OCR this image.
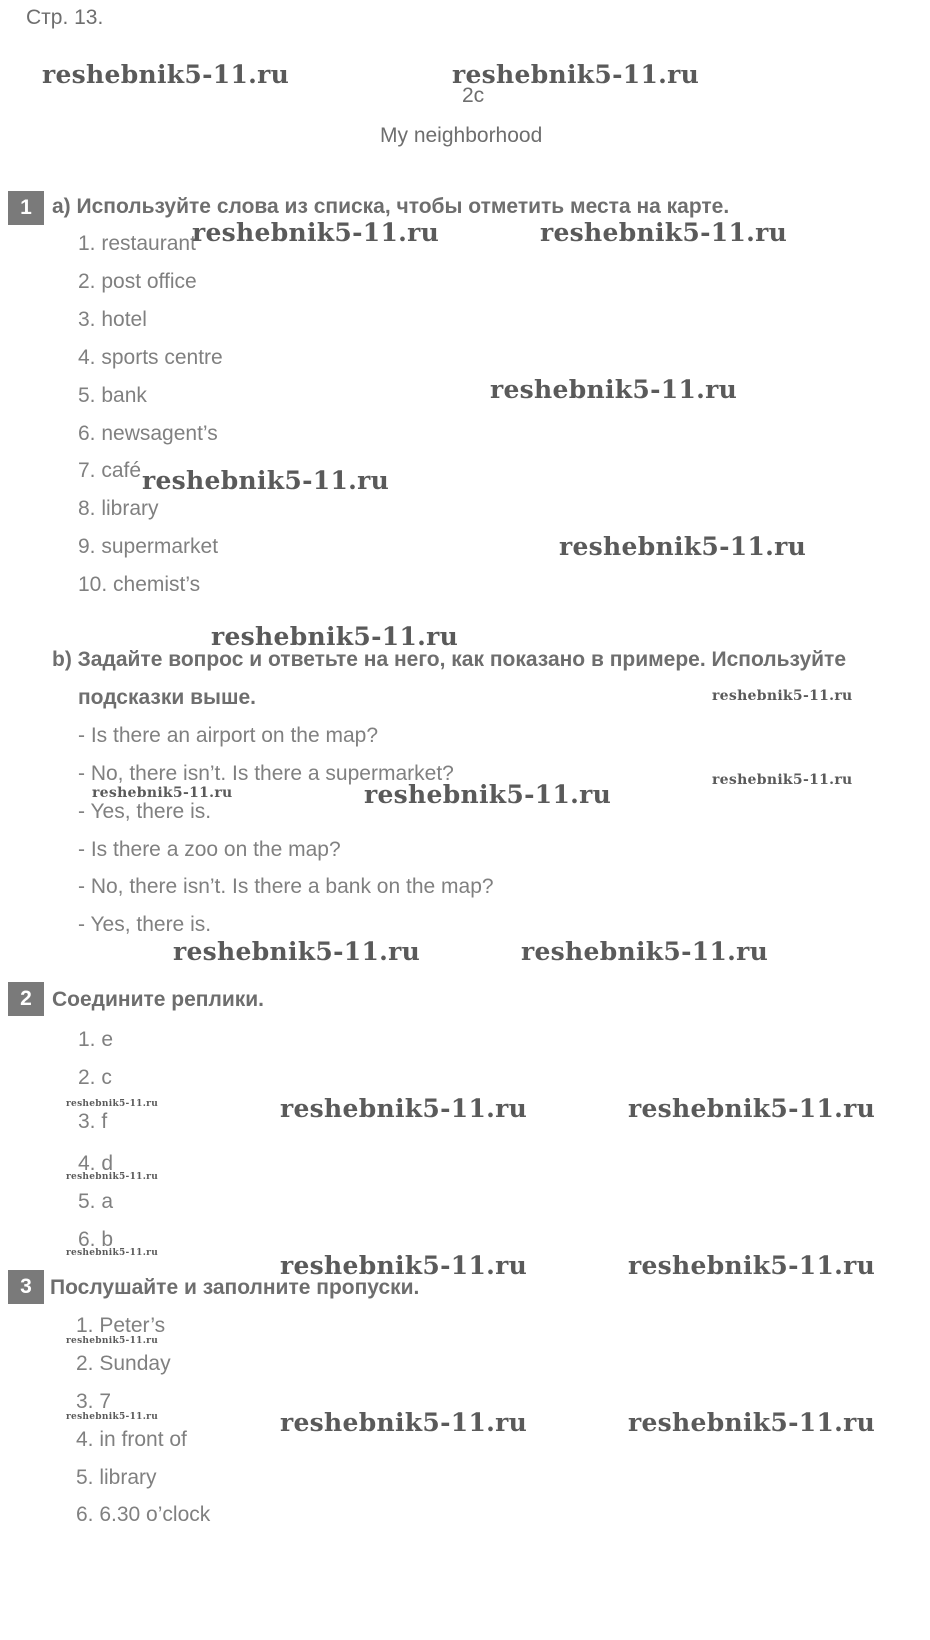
Стр. 13.
2c
My neighborhood
1 a) Используйте слова из списка, чтобы отметить места на карте.
1. restaurant
2. post office
3. hotel
4. sports centre
5. bank
6. newsagent’s
7. café
8. library
9. supermarket
10. chemist’s
b) Задайте вопрос и ответьте на него, как показано в примере. Используйте
подсказки выше.
- Is there an airport on the map?
- No, there isn’t. Is there a supermarket?
- Yes, there is.
- Is there a zoo on the map?
- No, there isn’t. Is there a bank on the map?
- Yes, there is.
2 Соедините реплики.
1. e
2. c
3. f
4. d
5. a
6. b
3 Послушайте и заполните пропуски.
1. Peter’s
2. Sunday
3. 7
4. in front of
5. library
6. 6.30 o’clock
reshebnik5-11.ru	reshebnik5-11.ru
reshebnik5-11.ru	reshebnik5-11.ru
reshebnik5-11.ru
reshebnik5-11.ru
reshebnik5-11.ru
reshebnik5-11.ru
reshebnik5-11.ru
reshebnik5-11.ru
reshebnik5-11.ru	reshebnik5-11.ru
reshebnik5-11.ru	reshebnik5-11.ru
reshebnik5-11.ru	reshebnik5-11.ru	reshebnik5-11.ru
reshebnik5-11.ru
reshebnik5-11.ru	reshebnik5-11.ru	reshebnik5-11.ru
reshebnik5-11.ru
reshebnik5-11.ru	reshebnik5-11.ru	reshebnik5-11.ru
